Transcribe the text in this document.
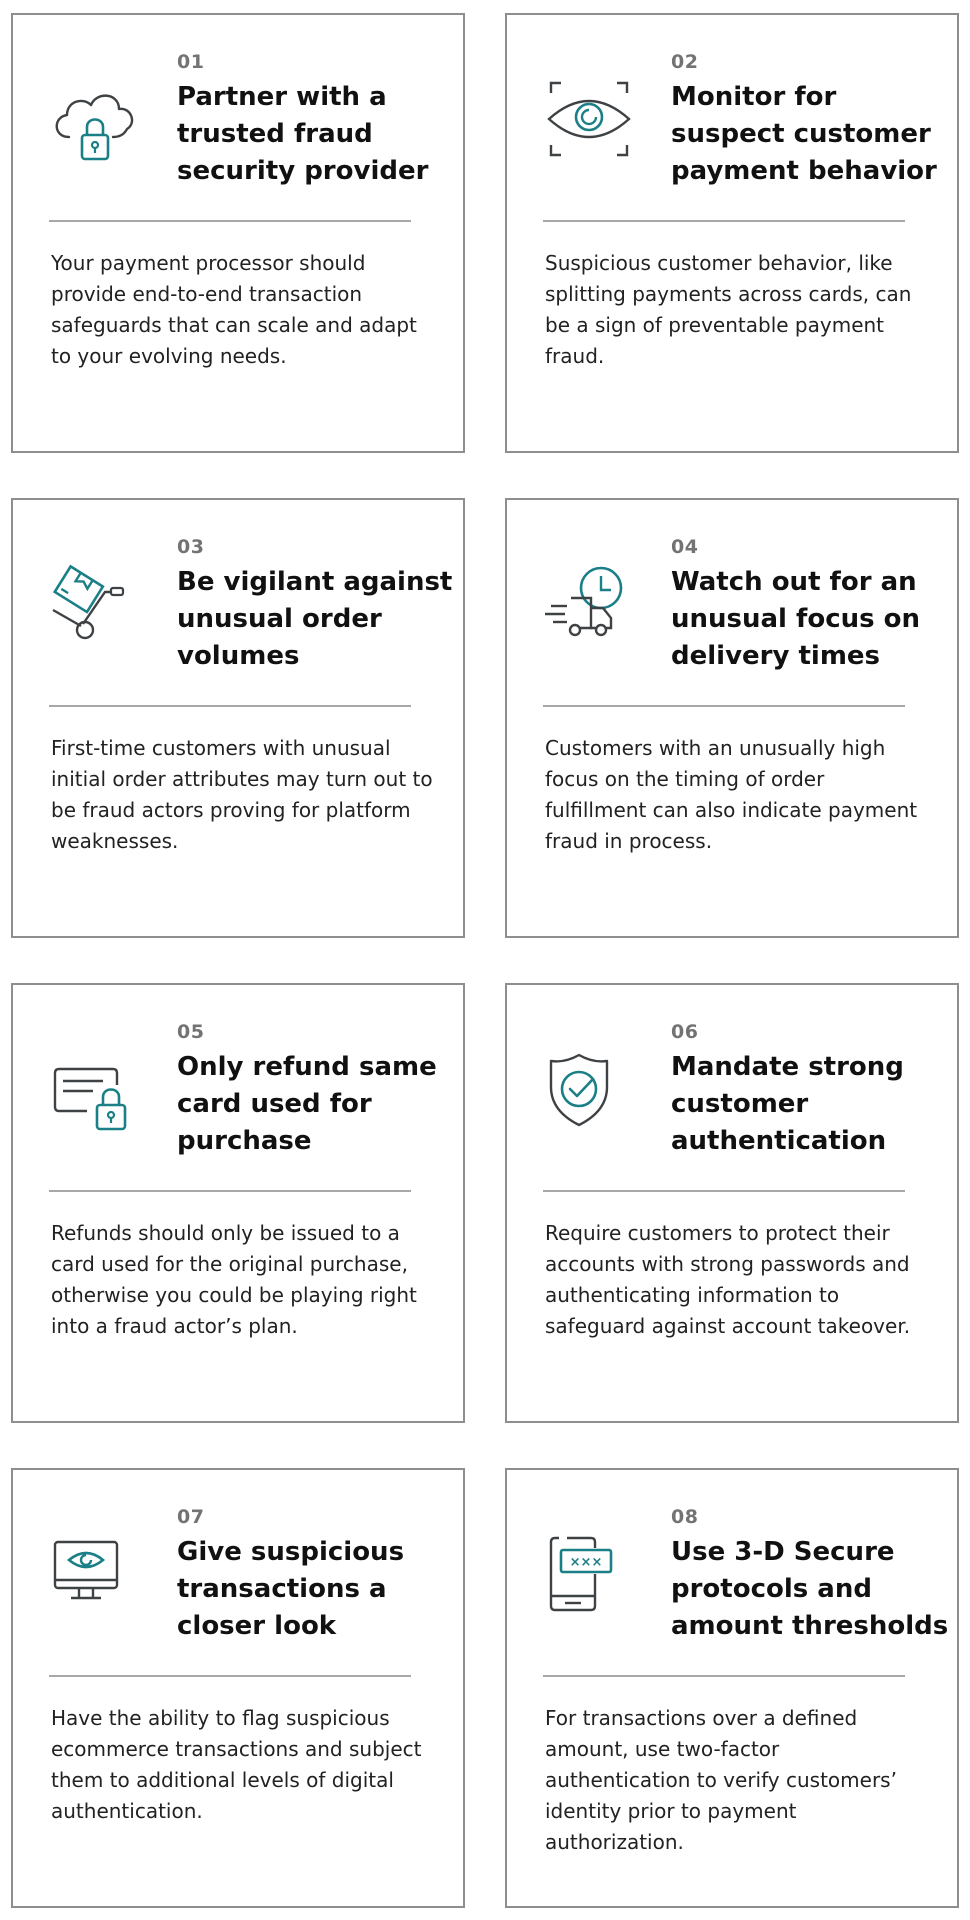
01
Partner with a trusted fraud security provider

Your payment processor should provide end-to-end transaction safeguards that can scale and adapt to your evolving needs.

02
Monitor for suspect customer payment behavior

Suspicious customer behavior, like splitting payments across cards, can be a sign of preventable payment fraud.

03
Be vigilant against unusual order volumes

First-time customers with unusual initial order attributes may turn out to be fraud actors proving for platform weaknesses.

04
Watch out for an unusual focus on delivery times

Customers with an unusually high focus on the timing of order fulfillment can also indicate payment fraud in process.

05
Only refund same card used for purchase

Refunds should only be issued to a card used for the original purchase, otherwise you could be playing right into a fraud actor’s plan.

06
Mandate strong customer authentication

Require customers to protect their accounts with strong passwords and authenticating information to safeguard against account takeover.

07
Give suspicious transactions a closer look

Have the ability to flag suspicious ecommerce transactions and subject them to additional levels of digital authentication.

×××
08
Use 3-D Secure protocols and amount thresholds

For transactions over a defined amount, use two-factor authentication to verify customers’ identity prior to payment authorization.
